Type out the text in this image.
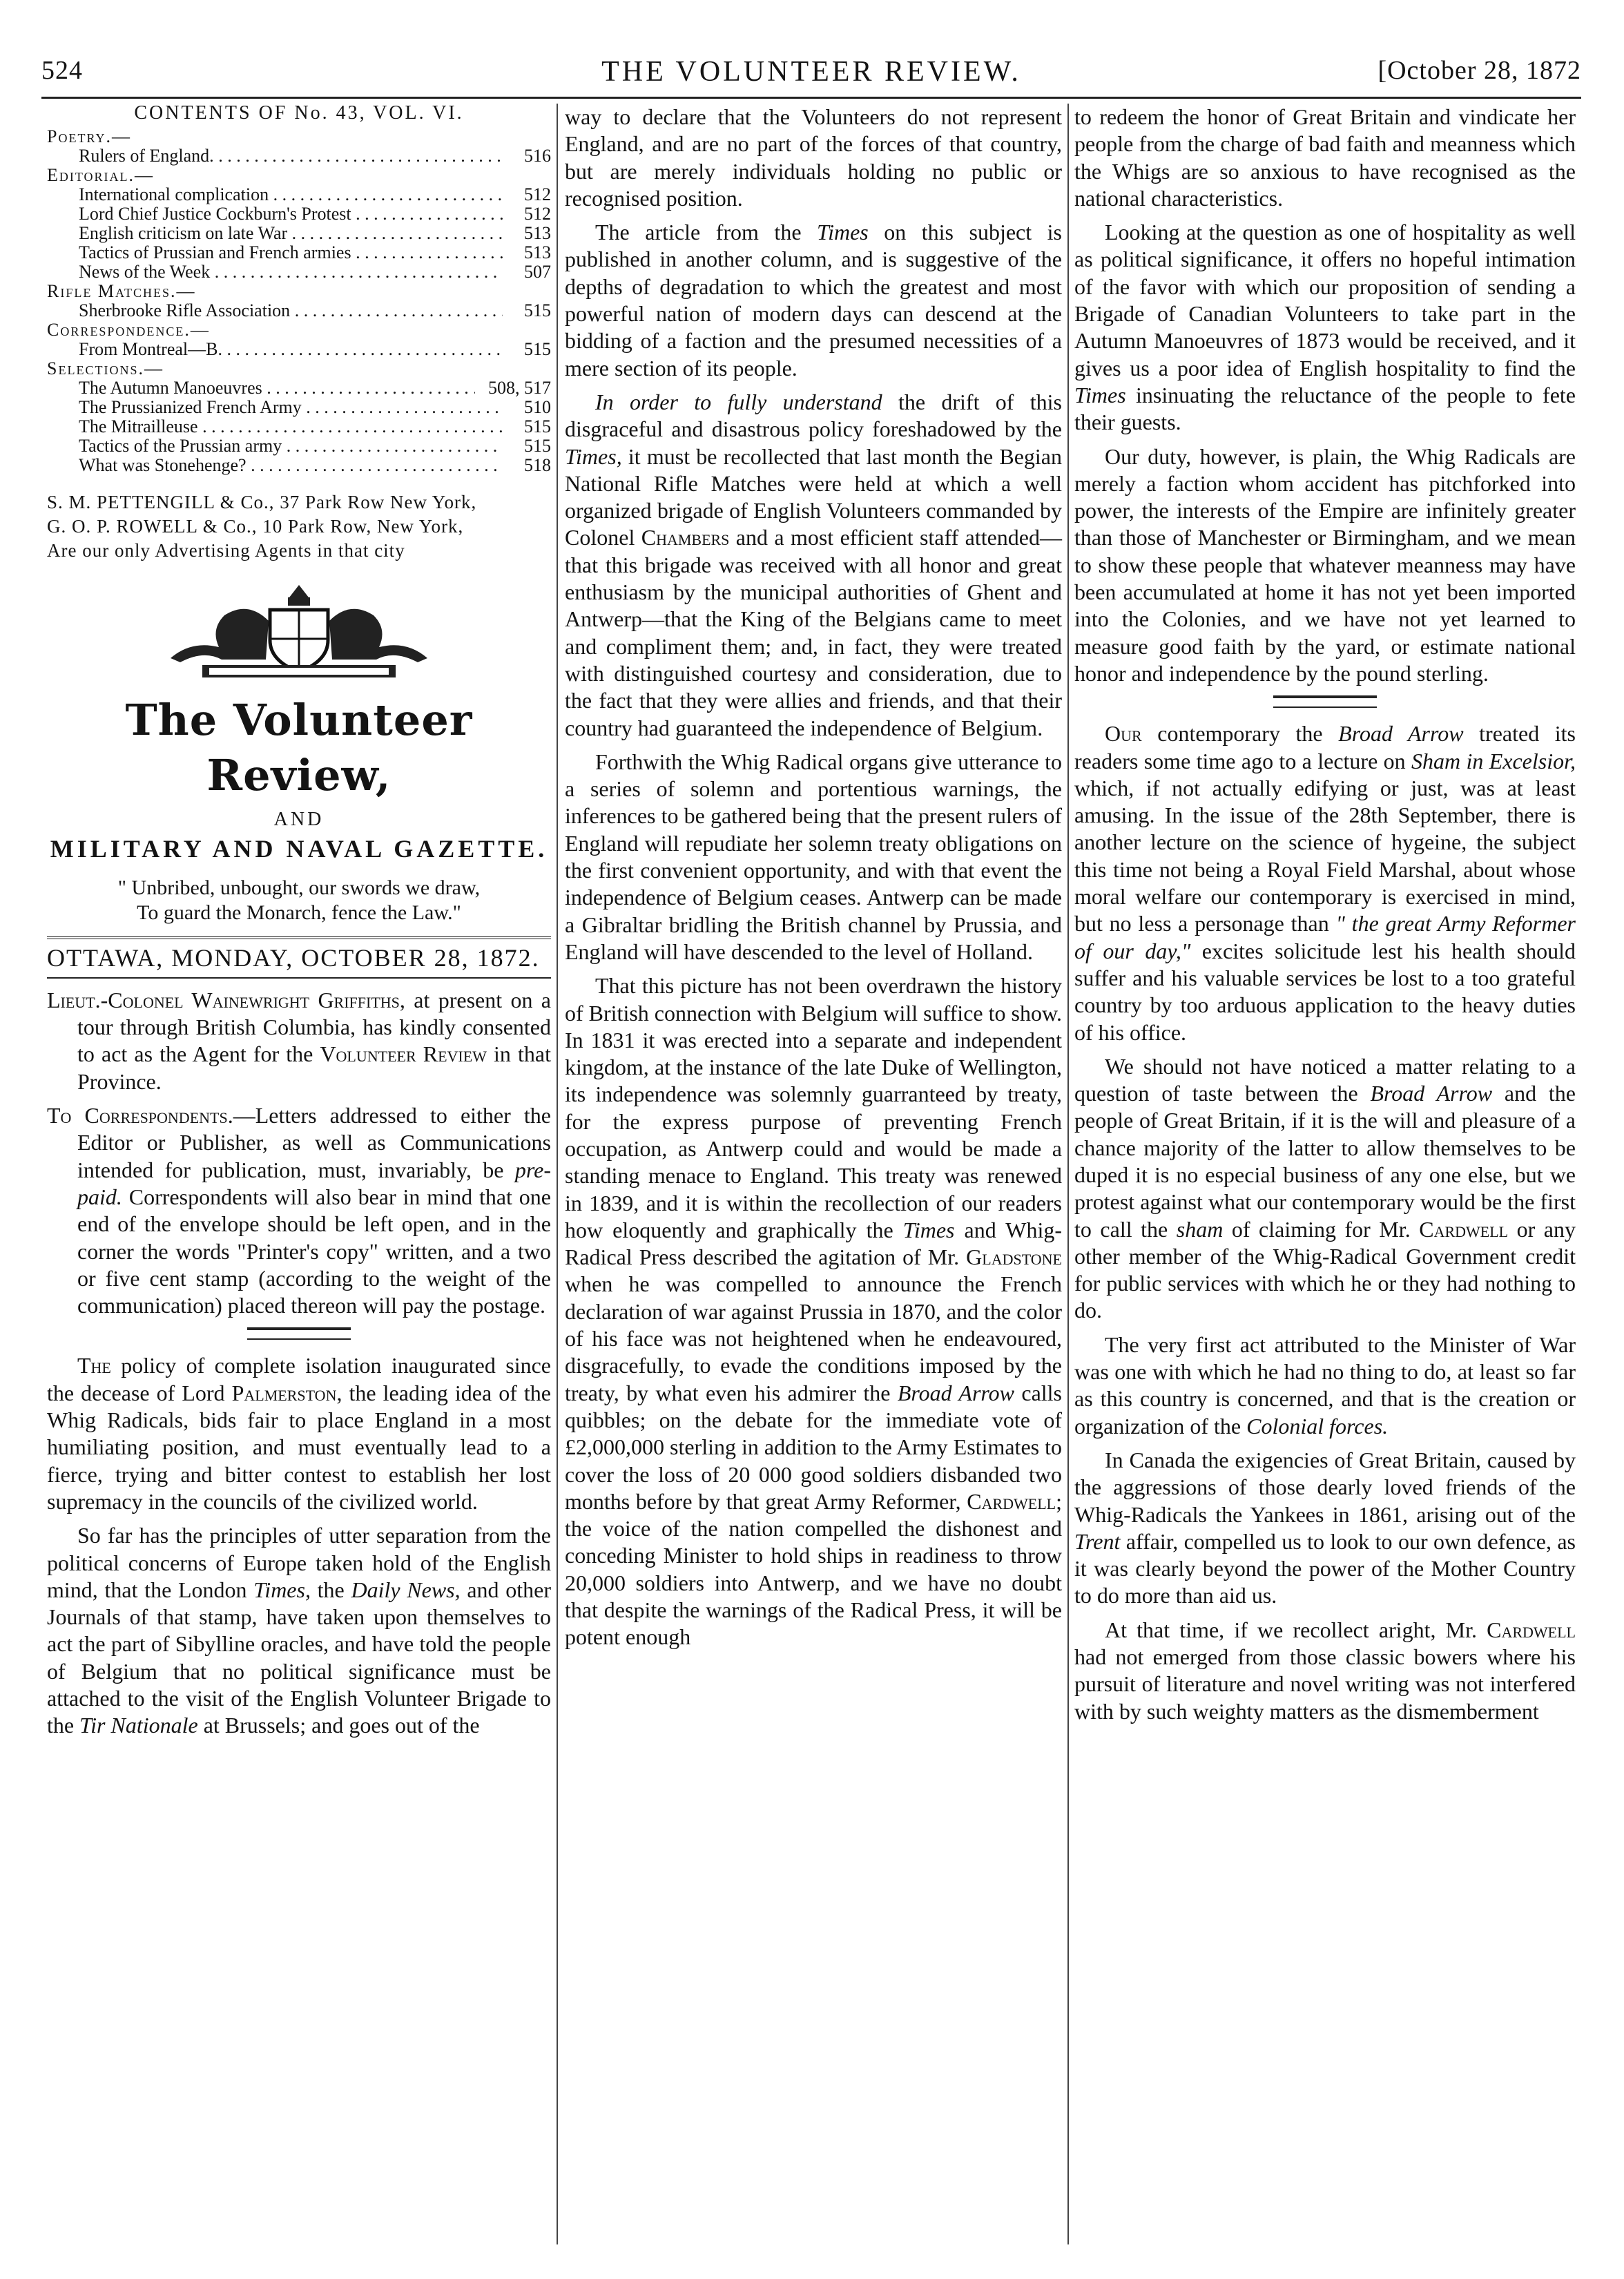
524	THE VOLUNTEER REVIEW.	[October 28, 1872
CONTENTS OF No. 43, VOL. VI.
Poetry.—
Rulers of England. . . .	516
Editorial.—
International complication . . .	512
Lord Chief Justice Cockburn's Protest . . .	512
English criticism on late War . . .	513
Tactics of Prussian and French armies . . .	513
News of the Week . . .	507
Rifle Matches.—
Sherbrooke Rifle Association . . .	515
Correspondence.—
From Montreal—B. . . .	515
Selections.—
The Autumn Manoeuvres . . .	508, 517
The Prussianized French Army . . .	510
The Mitrailleuse . . .	515
Tactics of the Prussian army . . .	515
What was Stonehenge? . . .	518
S. M. PETTENGILL & Co., 37 Park Row New York,
G. O. P. ROWELL & Co., 10 Park Row, New York,
Are our only Advertising Agents in that city
The Volunteer Review,
AND
MILITARY AND NAVAL GAZETTE.
" Unbribed, unbought, our swords we draw,
To guard the Monarch, fence the Law."
OTTAWA, MONDAY, OCTOBER 28, 1872.

Lieut.-Colonel Wainewright Griffiths, at present on a tour through British Columbia, has kindly consented to act as the Agent for the Volunteer Review in that Province.

To Correspondents.—Letters addressed to either the Editor or Publisher, as well as Communications intended for publication, must, invariably, be pre-paid. Correspondents will also bear in mind that one end of the envelope should be left open, and in the corner the words "Printer's copy" written, and a two or five cent stamp (according to the weight of the communication) placed thereon will pay the postage.

The policy of complete isolation inaugurated since the decease of Lord Palmerston, the leading idea of the Whig Radicals, bids fair to place England in a most humiliating position, and must eventually lead to a fierce, trying and bitter contest to establish her lost supremacy in the councils of the civilized world.

So far has the principles of utter separation from the political concerns of Europe taken hold of the English mind, that the London Times, the Daily News, and other Journals of that stamp, have taken upon themselves to act the part of Sibylline oracles, and have told the people of Belgium that no political significance must be attached to the visit of the English Volunteer Brigade to the Tir Nationale at Brussels; and goes out of the

way to declare that the Volunteers do not represent England, and are no part of the forces of that country, but are merely individuals holding no public or recognised position.

The article from the Times on this subject is published in another column, and is suggestive of the depths of degradation to which the greatest and most powerful nation of modern days can descend at the bidding of a faction and the presumed necessities of a mere section of its people.

In order to fully understand the drift of this disgraceful and disastrous policy foreshadowed by the Times, it must be recollected that last month the Begian National Rifle Matches were held at which a well organized brigade of English Volunteers commanded by Colonel Chambers and a most efficient staff attended—that this brigade was received with all honor and great enthusiasm by the municipal authorities of Ghent and Antwerp—that the King of the Belgians came to meet and compliment them; and, in fact, they were treated with distinguished courtesy and consideration, due to the fact that they were allies and friends, and that their country had guaranteed the independence of Belgium.

Forthwith the Whig Radical organs give utterance to a series of solemn and portentious warnings, the inferences to be gathered being that the present rulers of England will repudiate her solemn treaty obligations on the first convenient opportunity, and with that event the independence of Belgium ceases. Antwerp can be made a Gibraltar bridling the British channel by Prussia, and England will have descended to the level of Holland.

That this picture has not been overdrawn the history of British connection with Belgium will suffice to show. In 1831 it was erected into a separate and independent kingdom, at the instance of the late Duke of Wellington, its independence was solemnly guarranteed by treaty, for the express purpose of preventing French occupation, as Antwerp could and would be made a standing menace to England. This treaty was renewed in 1839, and it is within the recollection of our readers how eloquently and graphically the Times and Whig-Radical Press described the agitation of Mr. Gladstone when he was compelled to announce the French declaration of war against Prussia in 1870, and the color of his face was not heightened when he endeavoured, disgracefully, to evade the conditions imposed by the treaty, by what even his admirer the Broad Arrow calls quibbles; on the debate for the immediate vote of £2,000,000 sterling in addition to the Army Estimates to cover the loss of 20 000 good soldiers disbanded two months before by that great Army Reformer, Cardwell; the voice of the nation compelled the dishonest and conceding Minister to hold ships in readiness to throw 20,000 soldiers into Antwerp, and we have no doubt that despite the warnings of the Radical Press, it will be potent enough

to redeem the honor of Great Britain and vindicate her people from the charge of bad faith and meanness which the Whigs are so anxious to have recognised as the national characteristics.

Looking at the question as one of hospitality as well as political significance, it offers no hopeful intimation of the favor with which our proposition of sending a Brigade of Canadian Volunteers to take part in the Autumn Manoeuvres of 1873 would be received, and it gives us a poor idea of English hospitality to find the Times insinuating the reluctance of the people to fete their guests.

Our duty, however, is plain, the Whig Radicals are merely a faction whom accident has pitchforked into power, the interests of the Empire are infinitely greater than those of Manchester or Birmingham, and we mean to show these people that whatever meanness may have been accumulated at home it has not yet been imported into the Colonies, and we have not yet learned to measure good faith by the yard, or estimate national honor and independence by the pound sterling.

Our contemporary the Broad Arrow treated its readers some time ago to a lecture on Sham in Excelsior, which, if not actually edifying or just, was at least amusing. In the issue of the 28th September, there is another lecture on the science of hygeine, the subject this time not being a Royal Field Marshal, about whose moral welfare our contemporary is exercised in mind, but no less a personage than " the great Army Reformer of our day," excites solicitude lest his health should suffer and his valuable services be lost to a too grateful country by too arduous application to the heavy duties of his office.

We should not have noticed a matter relating to a question of taste between the Broad Arrow and the people of Great Britain, if it is the will and pleasure of a chance majority of the latter to allow themselves to be duped it is no especial business of any one else, but we protest against what our contemporary would be the first to call the sham of claiming for Mr. Cardwell or any other member of the Whig-Radical Government credit for public services with which he or they had nothing to do.

The very first act attributed to the Minister of War was one with which he had no thing to do, at least so far as this country is concerned, and that is the creation or organization of the Colonial forces.

In Canada the exigencies of Great Britain, caused by the aggressions of those dearly loved friends of the Whig-Radicals the Yankees in 1861, arising out of the Trent affair, compelled us to look to our own defence, as it was clearly beyond the power of the Mother Country to do more than aid us.

At that time, if we recollect aright, Mr. Cardwell had not emerged from those classic bowers where his pursuit of literature and novel writing was not interfered with by such weighty matters as the dismemberment
